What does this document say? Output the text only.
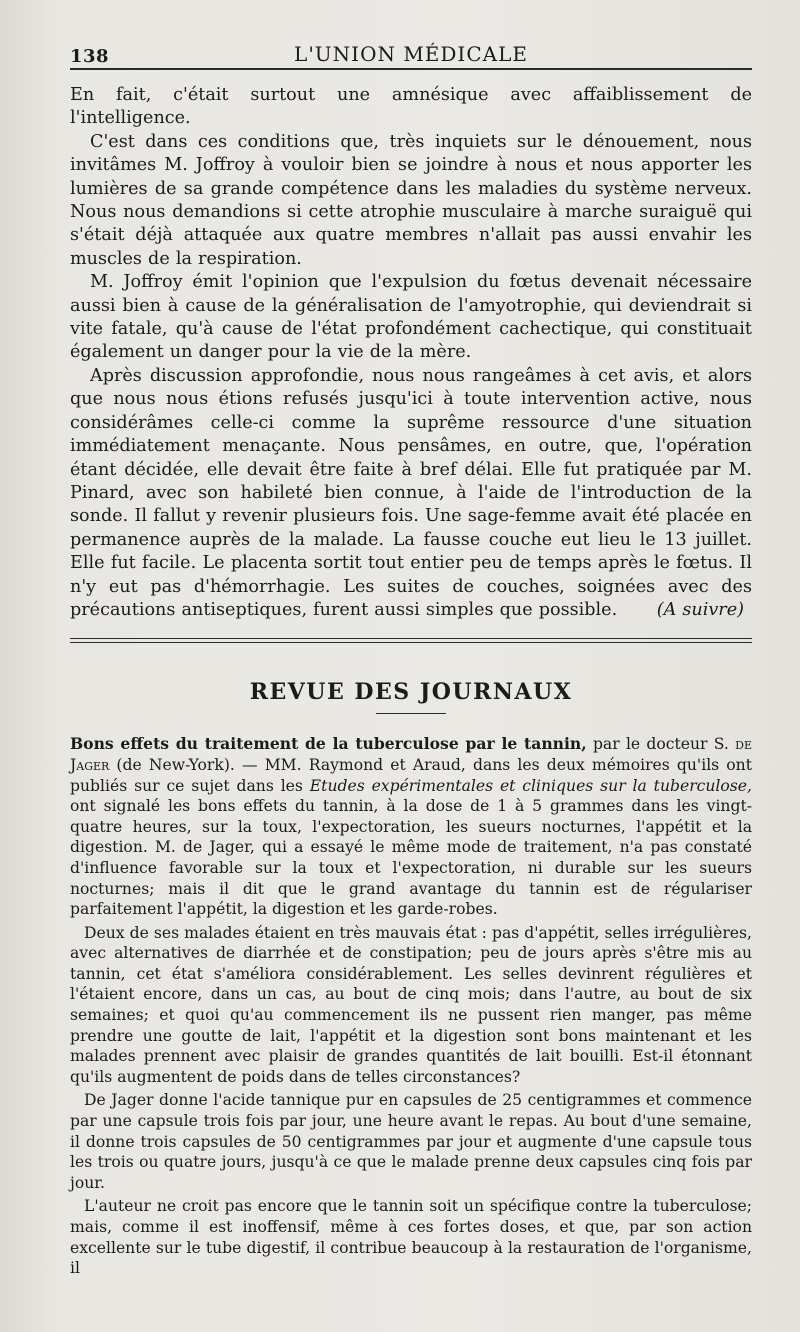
138	L'UNION MÉDICALE

En fait, c'était surtout une amnésique avec affaiblissement de l'intelligence.

C'est dans ces conditions que, très inquiets sur le dénouement, nous invitâmes M. Joffroy à vouloir bien se joindre à nous et nous apporter les lumières de sa grande compétence dans les maladies du système nerveux. Nous nous demandions si cette atrophie musculaire à marche suraiguë qui s'était déjà attaquée aux quatre membres n'allait pas aussi envahir les muscles de la respiration.

M. Joffroy émit l'opinion que l'expulsion du fœtus devenait nécessaire aussi bien à cause de la généralisation de l'amyotrophie, qui deviendrait si vite fatale, qu'à cause de l'état profondément cachectique, qui constituait également un danger pour la vie de la mère.

Après discussion approfondie, nous nous rangeâmes à cet avis, et alors que nous nous étions refusés jusqu'ici à toute intervention active, nous considérâmes celle-ci comme la suprême ressource d'une situation immédiatement menaçante. Nous pensâmes, en outre, que, l'opération étant décidée, elle devait être faite à bref délai. Elle fut pratiquée par M. Pinard, avec son habileté bien connue, à l'aide de l'introduction de la sonde. Il fallut y revenir plusieurs fois. Une sage-femme avait été placée en permanence auprès de la malade. La fausse couche eut lieu le 13 juillet. Elle fut facile. Le placenta sortit tout entier peu de temps après le fœtus. Il n'y eut pas d'hémorrhagie. Les suites de couches, soignées avec des précautions antiseptiques, furent aussi simples que possible.	(A suivre)

REVUE DES JOURNAUX

Bons effets du traitement de la tuberculose par le tannin, par le docteur S. de Jager (de New-York). — MM. Raymond et Araud, dans les deux mémoires qu'ils ont publiés sur ce sujet dans les Etudes expérimentales et cliniques sur la tuberculose, ont signalé les bons effets du tannin, à la dose de 1 à 5 grammes dans les vingt-quatre heures, sur la toux, l'expectoration, les sueurs nocturnes, l'appétit et la digestion. M. de Jager, qui a essayé le même mode de traitement, n'a pas constaté d'influence favorable sur la toux et l'expectoration, ni durable sur les sueurs nocturnes; mais il dit que le grand avantage du tannin est de régulariser parfaitement l'appétit, la digestion et les garde-robes.

Deux de ses malades étaient en très mauvais état : pas d'appétit, selles irrégulières, avec alternatives de diarrhée et de constipation; peu de jours après s'être mis au tannin, cet état s'améliora considérablement. Les selles devinrent régulières et l'étaient encore, dans un cas, au bout de cinq mois; dans l'autre, au bout de six semaines; et quoi qu'au commencement ils ne pussent rien manger, pas même prendre une goutte de lait, l'appétit et la digestion sont bons maintenant et les malades prennent avec plaisir de grandes quantités de lait bouilli. Est-il étonnant qu'ils augmentent de poids dans de telles circonstances?

De Jager donne l'acide tannique pur en capsules de 25 centigrammes et commence par une capsule trois fois par jour, une heure avant le repas. Au bout d'une semaine, il donne trois capsules de 50 centigrammes par jour et augmente d'une capsule tous les trois ou quatre jours, jusqu'à ce que le malade prenne deux capsules cinq fois par jour.

L'auteur ne croit pas encore que le tannin soit un spécifique contre la tuberculose; mais, comme il est inoffensif, même à ces fortes doses, et que, par son action excellente sur le tube digestif, il contribue beaucoup à la restauration de l'organisme, il
